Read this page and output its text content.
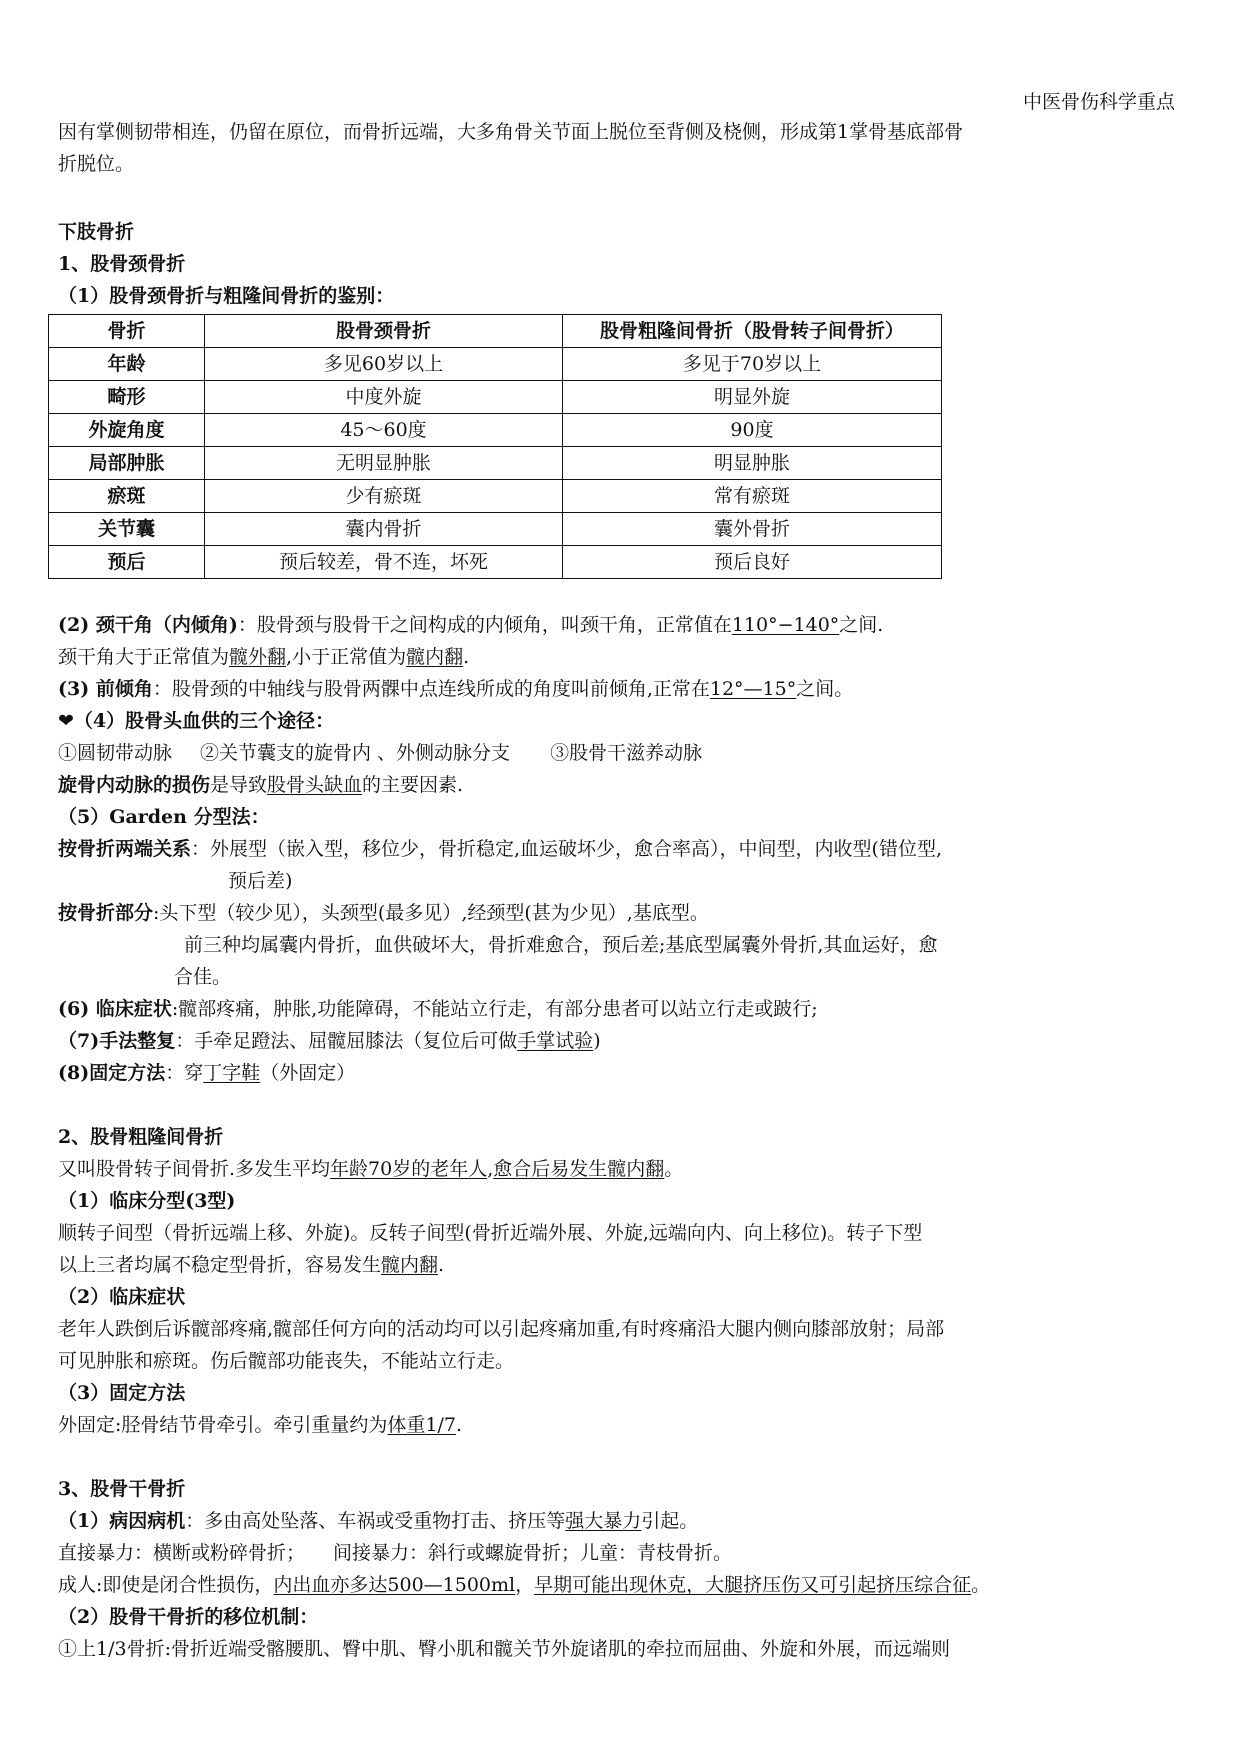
中医骨伤科学重点
因有掌侧韧带相连，仍留在原位，而骨折远端，大多角骨关节面上脱位至背侧及桡侧，形成第1掌骨基底部骨
折脱位。
下肢骨折
1、股骨颈骨折
（1）股骨颈骨折与粗隆间骨折的鉴别：
骨折	股骨颈骨折	股骨粗隆间骨折（股骨转子间骨折）
年龄	多见60岁以上	多见于70岁以上
畸形	中度外旋	明显外旋
外旋角度	45～60度	90度
局部肿胀	无明显肿胀	明显肿胀
瘀斑	少有瘀斑	常有瘀斑
关节囊	囊内骨折	囊外骨折
预后	预后较差，骨不连，坏死	预后良好
(2) 颈干角（内倾角)：股骨颈与股骨干之间构成的内倾角，叫颈干角，正常值在110°−140°之间.
颈干角大于正常值为髋外翻,小于正常值为髋内翻.
(3) 前倾角：股骨颈的中轴线与股骨两髁中点连线所成的角度叫前倾角,正常在12°—15°之间。
❤（4）股骨头血供的三个途径：
①圆韧带动脉 ②关节囊支的旋骨内 、外侧动脉分支 ③股骨干滋养动脉
旋骨内动脉的损伤是导致股骨头缺血的主要因素.
（5）Garden 分型法：
按骨折两端关系：外展型（嵌入型，移位少，骨折稳定,血运破坏少，愈合率高），中间型，内收型(错位型,
预后差)
按骨折部分:头下型（较少见），头颈型(最多见）,经颈型(甚为少见）,基底型。
前三种均属囊内骨折，血供破坏大，骨折难愈合，预后差;基底型属囊外骨折,其血运好，愈
合佳。
(6) 临床症状:髋部疼痛，肿胀,功能障碍，不能站立行走，有部分患者可以站立行走或跛行;
（7)手法整复：手牵足蹬法、屈髋屈膝法（复位后可做手掌试验)
(8)固定方法：穿丁字鞋（外固定）
2、股骨粗隆间骨折
又叫股骨转子间骨折.多发生平均年龄70岁的老年人,愈合后易发生髋内翻。
（1）临床分型(3型)
顺转子间型（骨折远端上移、外旋)。反转子间型(骨折近端外展、外旋,远端向内、向上移位)。转子下型
以上三者均属不稳定型骨折，容易发生髋内翻.
（2）临床症状
老年人跌倒后诉髋部疼痛,髋部任何方向的活动均可以引起疼痛加重,有时疼痛沿大腿内侧向膝部放射；局部
可见肿胀和瘀斑。伤后髋部功能丧失，不能站立行走。
（3）固定方法
外固定:胫骨结节骨牵引。牵引重量约为体重1/7.
3、股骨干骨折
（1）病因病机：多由高处坠落、车祸或受重物打击、挤压等强大暴力引起。
直接暴力：横断或粉碎骨折； 间接暴力：斜行或螺旋骨折；儿童：青枝骨折。
成人:即使是闭合性损伤，内出血亦多达500—1500ml，早期可能出现休克，大腿挤压伤又可引起挤压综合征。
（2）股骨干骨折的移位机制：
①上1/3骨折:骨折近端受髂腰肌、臀中肌、臀小肌和髋关节外旋诸肌的牵拉而屈曲、外旋和外展，而远端则
